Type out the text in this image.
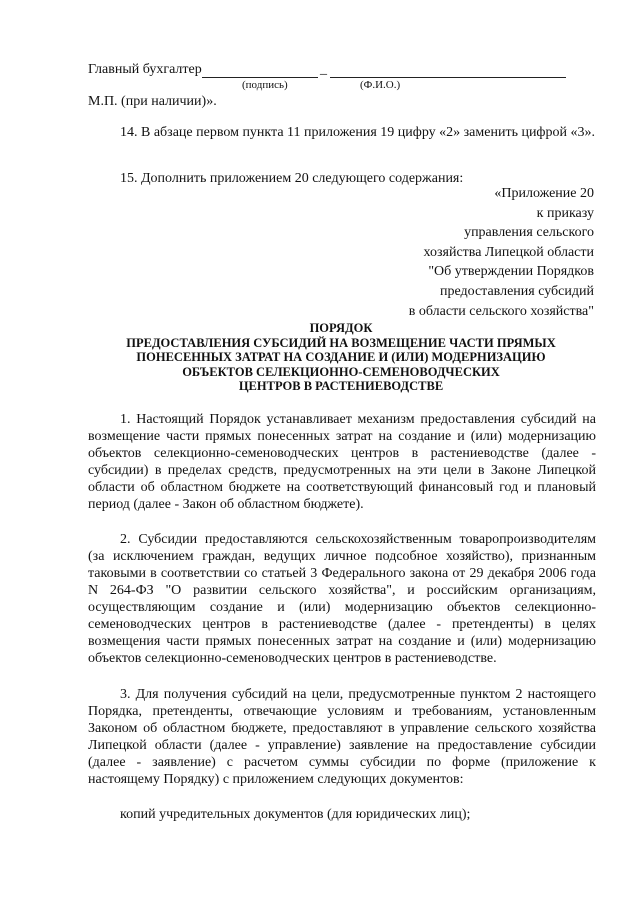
Главный бухгалтер	_
(подпись)	(Ф.И.О.)
М.П. (при наличии)».
14. В абзаце первом пункта 11 приложения 19 цифру «2» заменить цифрой «3».
15. Дополнить приложением 20 следующего содержания:
«Приложение 20
к приказу
управления сельского
хозяйства Липецкой области
"Об утверждении Порядков
предоставления субсидий
в области сельского хозяйства"
ПОРЯДОК
ПРЕДОСТАВЛЕНИЯ СУБСИДИЙ НА ВОЗМЕЩЕНИЕ ЧАСТИ ПРЯМЫХ
ПОНЕСЕННЫХ ЗАТРАТ НА СОЗДАНИЕ И (ИЛИ) МОДЕРНИЗАЦИЮ
ОБЪЕКТОВ СЕЛЕКЦИОННО-СЕМЕНОВОДЧЕСКИХ
ЦЕНТРОВ В РАСТЕНИЕВОДСТВЕ
1. Настоящий Порядок устанавливает механизм предоставления субсидий на возмещение части прямых понесенных затрат на создание и (или) модернизацию объектов селекционно-семеноводческих центров в растениеводстве (далее - субсидии) в пределах средств, предусмотренных на эти цели в Законе Липецкой области об областном бюджете на соответствующий финансовый год и плановый период (далее - Закон об областном бюджете).
2. Субсидии предоставляются сельскохозяйственным товаропроизводителям (за исключением граждан, ведущих личное подсобное хозяйство), признанным таковыми в соответствии со статьей 3 Федерального закона от 29 декабря 2006 года N 264-ФЗ "О развитии сельского хозяйства", и российским организациям, осуществляющим создание и (или) модернизацию объектов селекционно-семеноводческих центров в растениеводстве (далее - претенденты) в целях возмещения части прямых понесенных затрат на создание и (или) модернизацию объектов селекционно-семеноводческих центров в растениеводстве.
3. Для получения субсидий на цели, предусмотренные пунктом 2 настоящего Порядка, претенденты, отвечающие условиям и требованиям, установленным Законом об областном бюджете, предоставляют в управление сельского хозяйства Липецкой области (далее - управление) заявление на предоставление субсидии (далее - заявление) с расчетом суммы субсидии по форме (приложение к настоящему Порядку) с приложением следующих документов:
копий учредительных документов (для юридических лиц);
